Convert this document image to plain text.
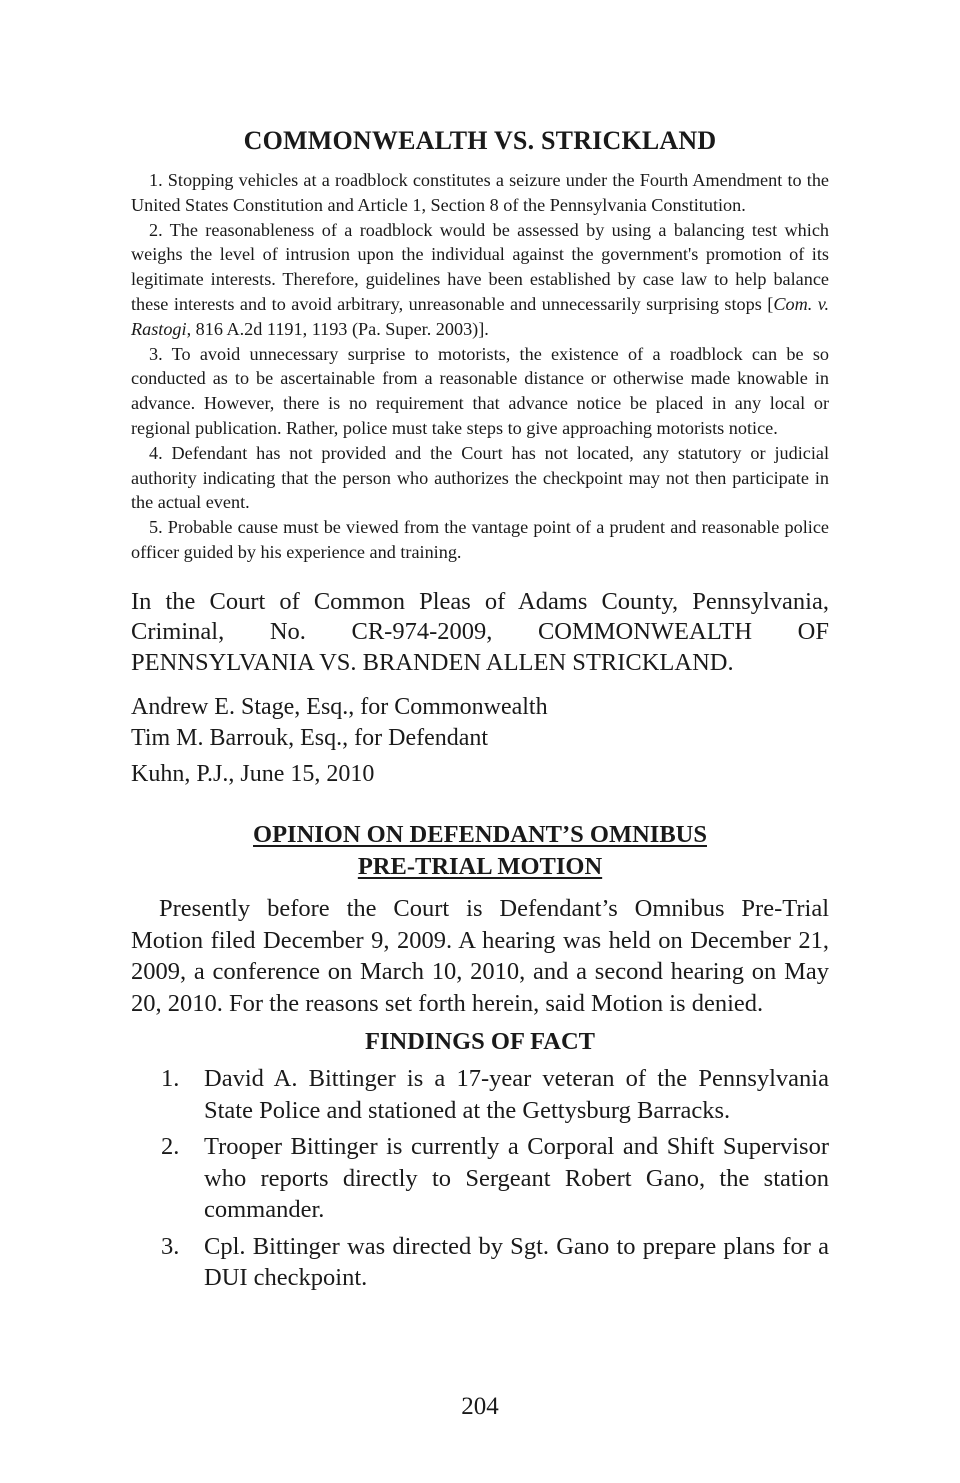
COMMONWEALTH VS. STRICKLAND

1. Stopping vehicles at a roadblock constitutes a seizure under the Fourth Amendment to the United States Constitution and Article 1, Section 8 of the Pennsylvania Constitution.

2. The reasonableness of a roadblock would be assessed by using a balancing test which weighs the level of intrusion upon the individual against the government's promotion of its legitimate interests. Therefore, guidelines have been established by case law to help balance these interests and to avoid arbitrary, unreasonable and unnecessarily surprising stops [Com. v. Rastogi, 816 A.2d 1191, 1193 (Pa. Super. 2003)].

3. To avoid unnecessary surprise to motorists, the existence of a roadblock can be so conducted as to be ascertainable from a reasonable distance or otherwise made knowable in advance. However, there is no requirement that advance notice be placed in any local or regional publication. Rather, police must take steps to give approaching motorists notice.

4. Defendant has not provided and the Court has not located, any statutory or judicial authority indicating that the person who authorizes the checkpoint may not then participate in the actual event.

5. Probable cause must be viewed from the vantage point of a prudent and reasonable police officer guided by his experience and training.

In the Court of Common Pleas of Adams County, Pennsylvania, Criminal, No. CR-974-2009, COMMONWEALTH OF PENNSYLVANIA VS. BRANDEN ALLEN STRICKLAND.

Andrew E. Stage, Esq., for Commonwealth
Tim M. Barrouk, Esq., for Defendant
Kuhn, P.J., June 15, 2010
OPINION ON DEFENDANT’S OMNIBUS
PRE-TRIAL MOTION

Presently before the Court is Defendant’s Omnibus Pre-Trial Motion filed December 9, 2009. A hearing was held on December 21, 2009, a conference on March 10, 2010, and a second hearing on May 20, 2010. For the reasons set forth herein, said Motion is denied.

FINDINGS OF FACT
1.	David A. Bittinger is a 17-year veteran of the Pennsylvania State Police and stationed at the Gettysburg Barracks.
2.	Trooper Bittinger is currently a Corporal and Shift Supervisor who reports directly to Sergeant Robert Gano, the station commander.
3.	Cpl. Bittinger was directed by Sgt. Gano to prepare plans for a DUI checkpoint.
204
